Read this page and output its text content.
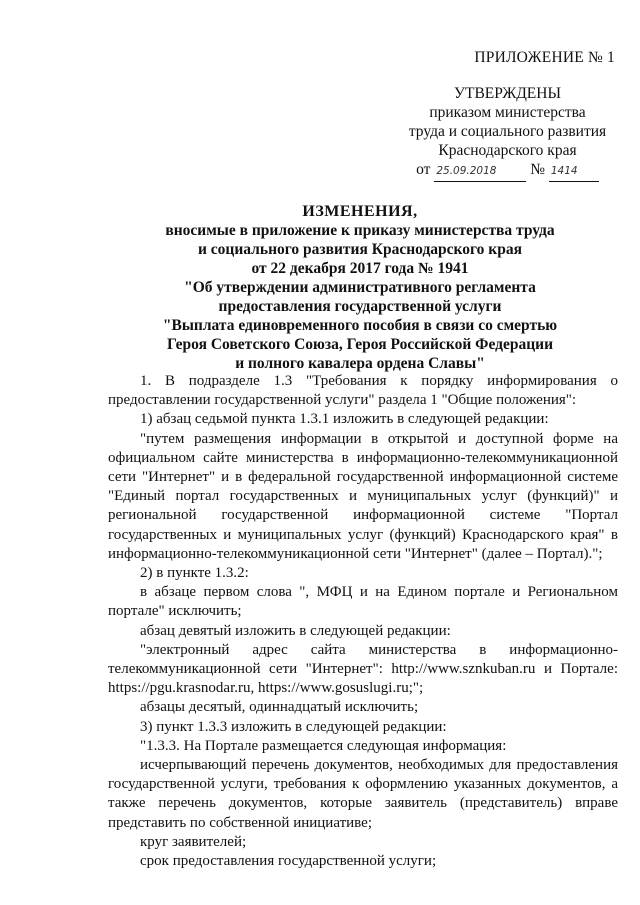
ПРИЛОЖЕНИЕ № 1
УТВЕРЖДЕНЫ
приказом министерства
труда и социального развития
Краснодарского края
от 25.09.2018 № 1414
ИЗМЕНЕНИЯ,
вносимые в приложение к приказу министерства труда
и социального развития Краснодарского края
от 22 декабря 2017 года № 1941
"Об утверждении административного регламента
предоставления государственной услуги
"Выплата единовременного пособия в связи со смертью
Героя Советского Союза, Героя Российской Федерации
и полного кавалера ордена Славы"

1. В подразделе 1.3 "Требования к порядку информирования о предоставлении государственной услуги" раздела 1 "Общие положения":

1) абзац седьмой пункта 1.3.1 изложить в следующей редакции:

"путем размещения информации в открытой и доступной форме на официальном сайте министерства в информационно-телекоммуникационной сети "Интернет" и в федеральной государственной информационной системе "Единый портал государственных и муниципальных услуг (функций)" и региональной государственной информационной системе "Портал государственных и муниципальных услуг (функций) Краснодарского края" в информационно-телекоммуникационной сети "Интернет" (далее – Портал).";

2) в пункте 1.3.2:

в абзаце первом слова ", МФЦ и на Едином портале и Региональном портале" исключить;

абзац девятый изложить в следующей редакции:

"электронный адрес сайта министерства в информационно-телекоммуникационной сети "Интернет": http://www.sznkuban.ru и Портале: https://pgu.krasnodar.ru, https://www.gosuslugi.ru;";

абзацы десятый, одиннадцатый исключить;

3) пункт 1.3.3 изложить в следующей редакции:

"1.3.3. На Портале размещается следующая информация:

исчерпывающий перечень документов, необходимых для предоставления государственной услуги, требования к оформлению указанных документов, а также перечень документов, которые заявитель (представитель) вправе представить по собственной инициативе;

круг заявителей;

срок предоставления государственной услуги;
